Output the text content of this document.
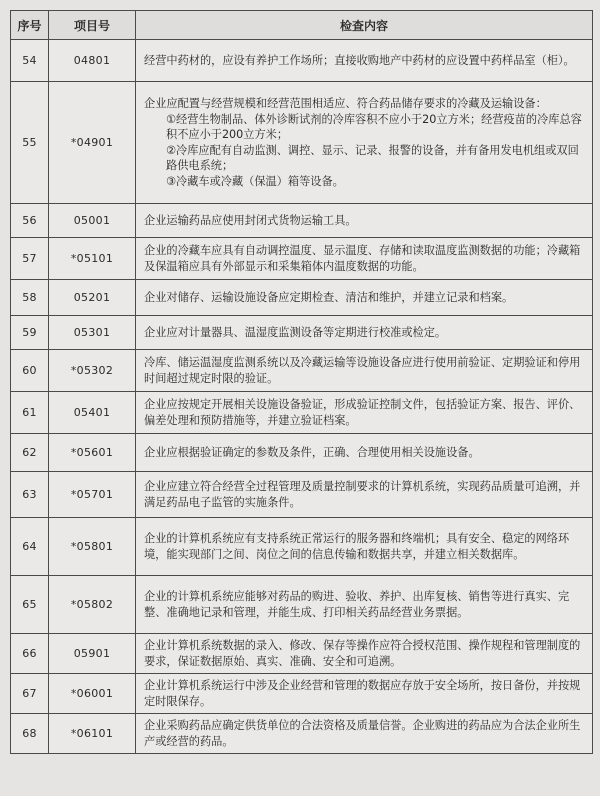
序号	项目号	检查内容
54	04801	经营中药材的，应设有养护工作场所；直接收购地产中药材的应设置中药样品室（柜）。

55	*04901	企业应配置与经营规模和经营范围相适应、符合药品储存要求的冷藏及运输设备：
①经营生物制品、体外诊断试剂的冷库容积不应小于20立方米；经营疫苗的冷库总容积不应小于200立方米；
②冷库应配有自动监测、调控、显示、记录、报警的设备，并有备用发电机组或双回路供电系统；
③冷藏车或冷藏（保温）箱等设备。

56	05001	企业运输药品应使用封闭式货物运输工具。

57	*05101	企业的冷藏车应具有自动调控温度、显示温度、存储和读取温度监测数据的功能；冷藏箱及保温箱应具有外部显示和采集箱体内温度数据的功能。

58	05201	企业对储存、运输设施设备应定期检查、清洁和维护，并建立记录和档案。

59	05301	企业应对计量器具、温湿度监测设备等定期进行校准或检定。

60	*05302	冷库、储运温湿度监测系统以及冷藏运输等设施设备应进行使用前验证、定期验证和停用时间超过规定时限的验证。

61	05401	企业应按规定开展相关设施设备验证，形成验证控制文件，包括验证方案、报告、评价、偏差处理和预防措施等，并建立验证档案。

62	*05601	企业应根据验证确定的参数及条件，正确、合理使用相关设施设备。

63	*05701	企业应建立符合经营全过程管理及质量控制要求的计算机系统，实现药品质量可追溯，并满足药品电子监管的实施条件。

64	*05801	企业的计算机系统应有支持系统正常运行的服务器和终端机；具有安全、稳定的网络环境，能实现部门之间、岗位之间的信息传输和数据共享，并建立相关数据库。

65	*05802	企业的计算机系统应能够对药品的购进、验收、养护、出库复核、销售等进行真实、完整、准确地记录和管理，并能生成、打印相关药品经营业务票据。

66	05901	企业计算机系统数据的录入、修改、保存等操作应符合授权范围、操作规程和管理制度的要求，保证数据原始、真实、准确、安全和可追溯。

67	*06001	企业计算机系统运行中涉及企业经营和管理的数据应存放于安全场所，按日备份，并按规定时限保存。

68	*06101	企业采购药品应确定供货单位的合法资格及质量信誉。企业购进的药品应为合法企业所生产或经营的药品。
